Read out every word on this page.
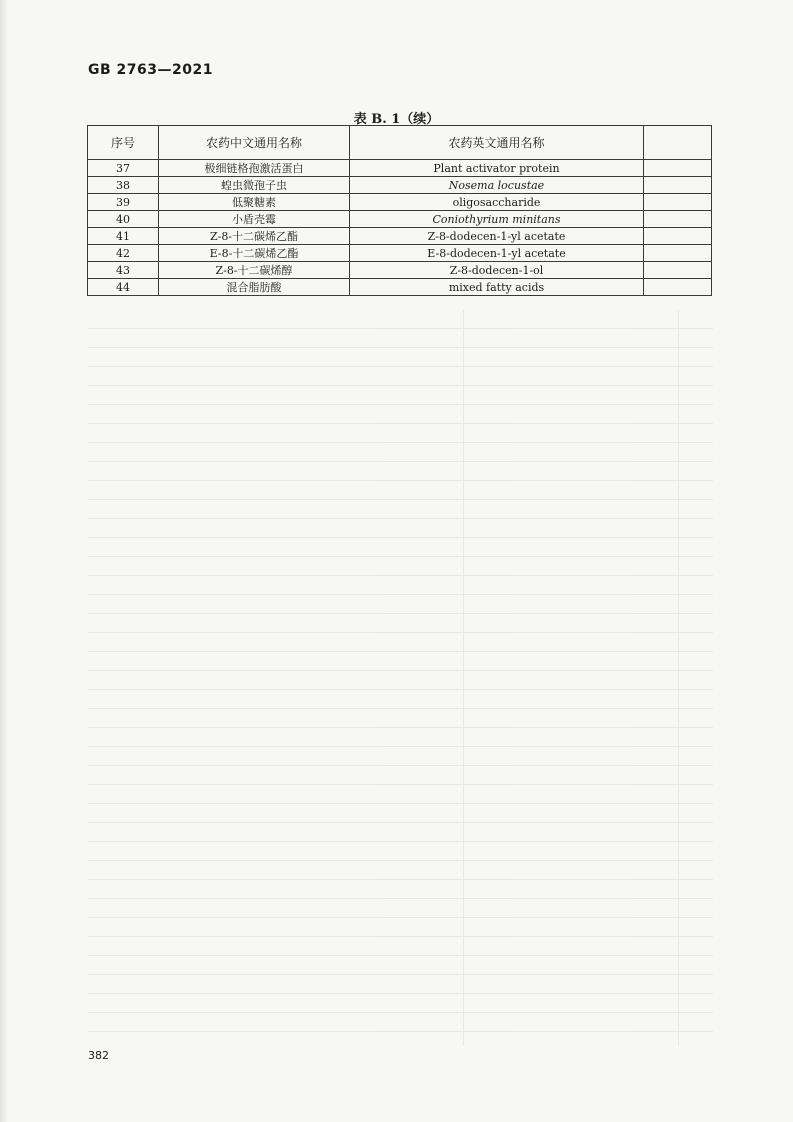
GB 2763—2021
表 B. 1（续）
序号	农药中文通用名称	农药英文通用名称	
37	极细链格孢激活蛋白	Plant activator protein	
38	蝗虫微孢子虫	Nosema locustae	
39	低聚糖素	oligosaccharide	
40	小盾壳霉	Coniothyrium minitans	
41	Z-8-十二碳烯乙酯	Z-8-dodecen-1-yl acetate	
42	E-8-十二碳烯乙酯	E-8-dodecen-1-yl acetate	
43	Z-8-十二碳烯醇	Z-8-dodecen-1-ol	
44	混合脂肪酸	mixed fatty acids	
382
